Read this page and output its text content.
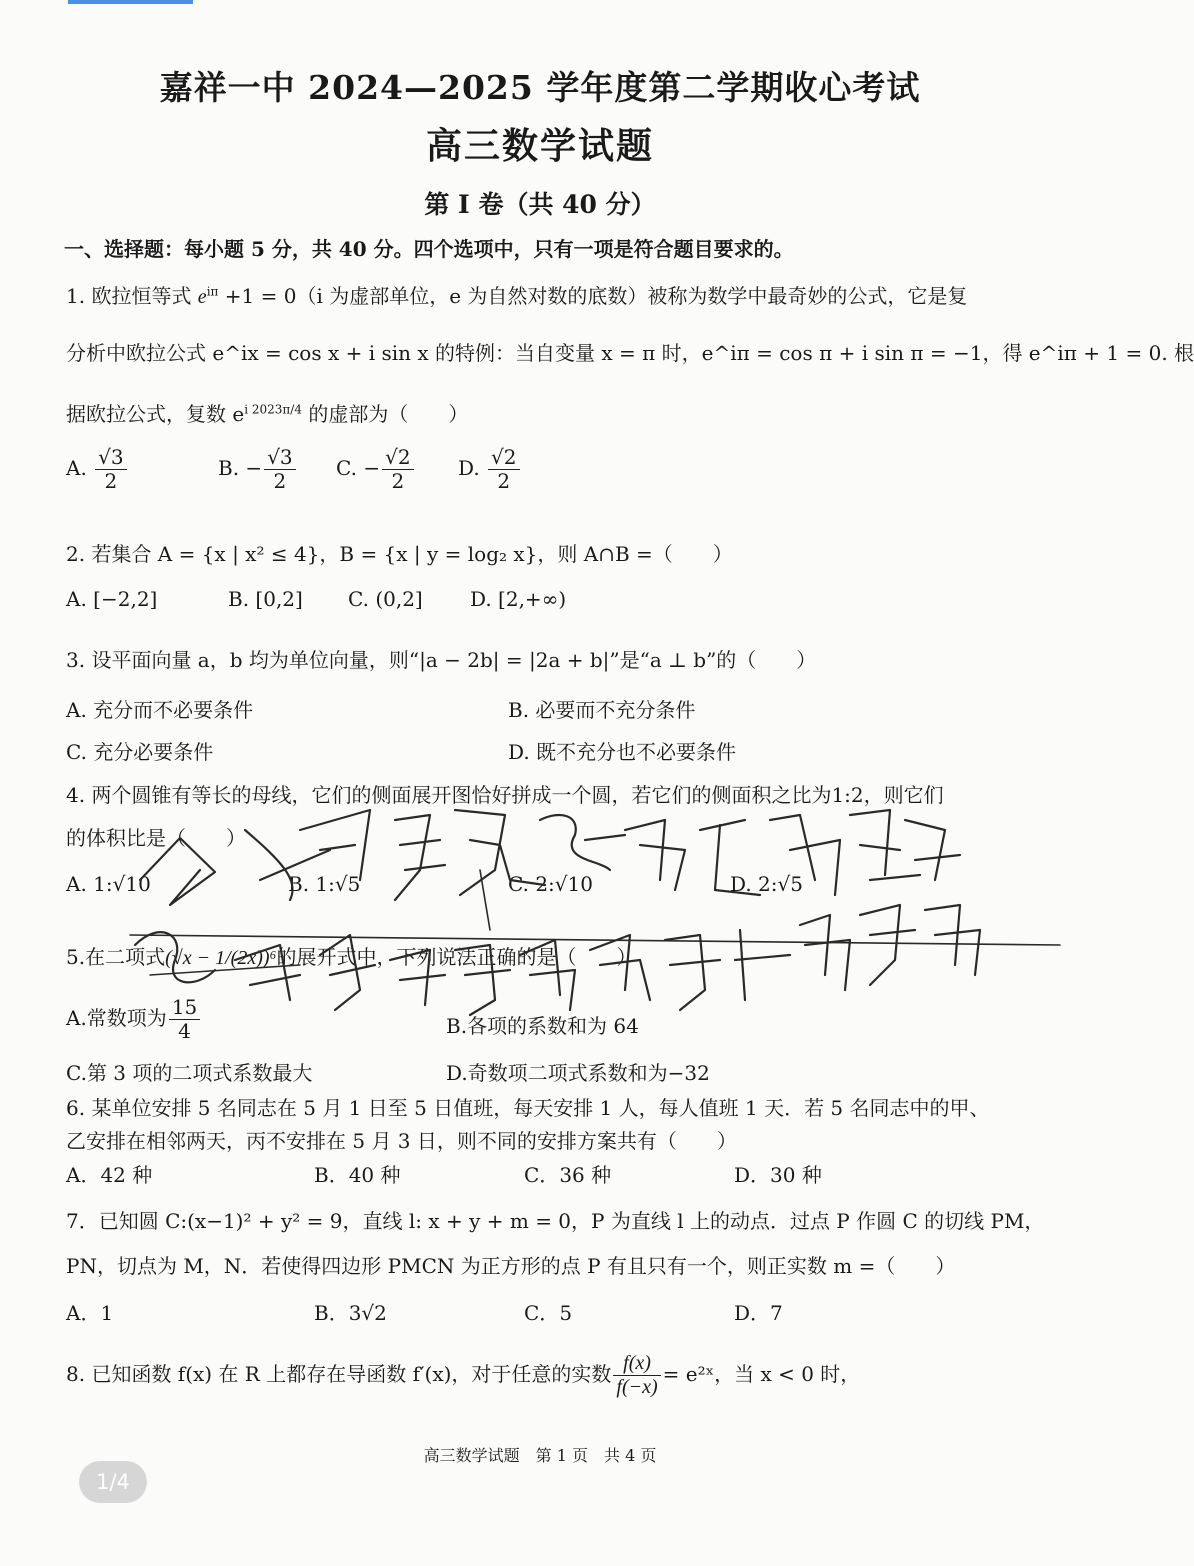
嘉祥一中 2024—2025 学年度第二学期收心考试
高三数学试题
第 I 卷（共 40 分）
一、选择题：每小题 5 分，共 40 分。四个选项中，只有一项是符合题目要求的。
1. 欧拉恒等式 $e^{i\pi} +1 = 0(i$ 为虚部单位，e 为自然对数的底数）被称为数学中最奇妙的公式，它是复
分析中欧拉公式 e^ix = cos x + i sin x 的特例：当自变量 x = π 时，e^iπ = cos π + i sin π = −1，得 e^iπ + 1 = 0. 根
据欧拉公式，复数 $e^{i 2023\pi/4}$ 的虚部为（　　）
A. $\frac{√3}{2}$	B. − $\frac{√3}{2} C$. − $\frac{√2}{2} D$. $\frac{√2}{2}$
2. 若集合 A = {x | x² ≤ 4}，B = {x | y = log₂ x}，则 A∩B =（　　）
A. [−2,2]	B. [0,2] C. (0,2] D. [2,+∞)
3. 设平面向量 a，b 均为单位向量，则“|a − 2b| = |2a + b|”是“a ⊥ b”的（　　）
A. 充分而不必要条件	B. 必要而不充分条件
C. 充分必要条件	D. 既不充分也不必要条件
4. 两个圆锥有等长的母线，它们的侧面展开图恰好拼成一个圆，若它们的侧面积之比为1:2，则它们
的体积比是（　　）
A. 1:√10	B. 1:√5	C. 2:√10	D. 2:√5
5.在二项式(√x − 1/(2x))⁶的展开式中，下列说法正确的是（　　）
A.常数项为 $\frac{15}{4}$	B.各项的系数和为 64
C.第 3 项的二项式系数最大	D.奇数项二项式系数和为−32
6. 某单位安排 5 名同志在 5 月 1 日至 5 日值班，每天安排 1 人，每人值班 1 天．若 5 名同志中的甲、
乙安排在相邻两天，丙不安排在 5 月 3 日，则不同的安排方案共有（　　）
A．42 种	B．40 种	C．36 种	D．30 种
7．已知圆 C:(x−1)² + y² = 9，直线 l: x + y + m = 0，P 为直线 l 上的动点．过点 P 作圆 C 的切线 PM，
PN，切点为 M，N．若使得四边形 PMCN 为正方形的点 P 有且只有一个，则正实数 m =（　　）
A．1	B．3√2	C．5	D．7
8. 已知函数 f(x) 在 R 上都存在导函数 f′(x)，对于任意的实数 $\frac{f(x)}{f(-x)}$ = e²ˣ，当 x < 0 时，
高三数学试题　第 1 页　共 4 页
1/4
